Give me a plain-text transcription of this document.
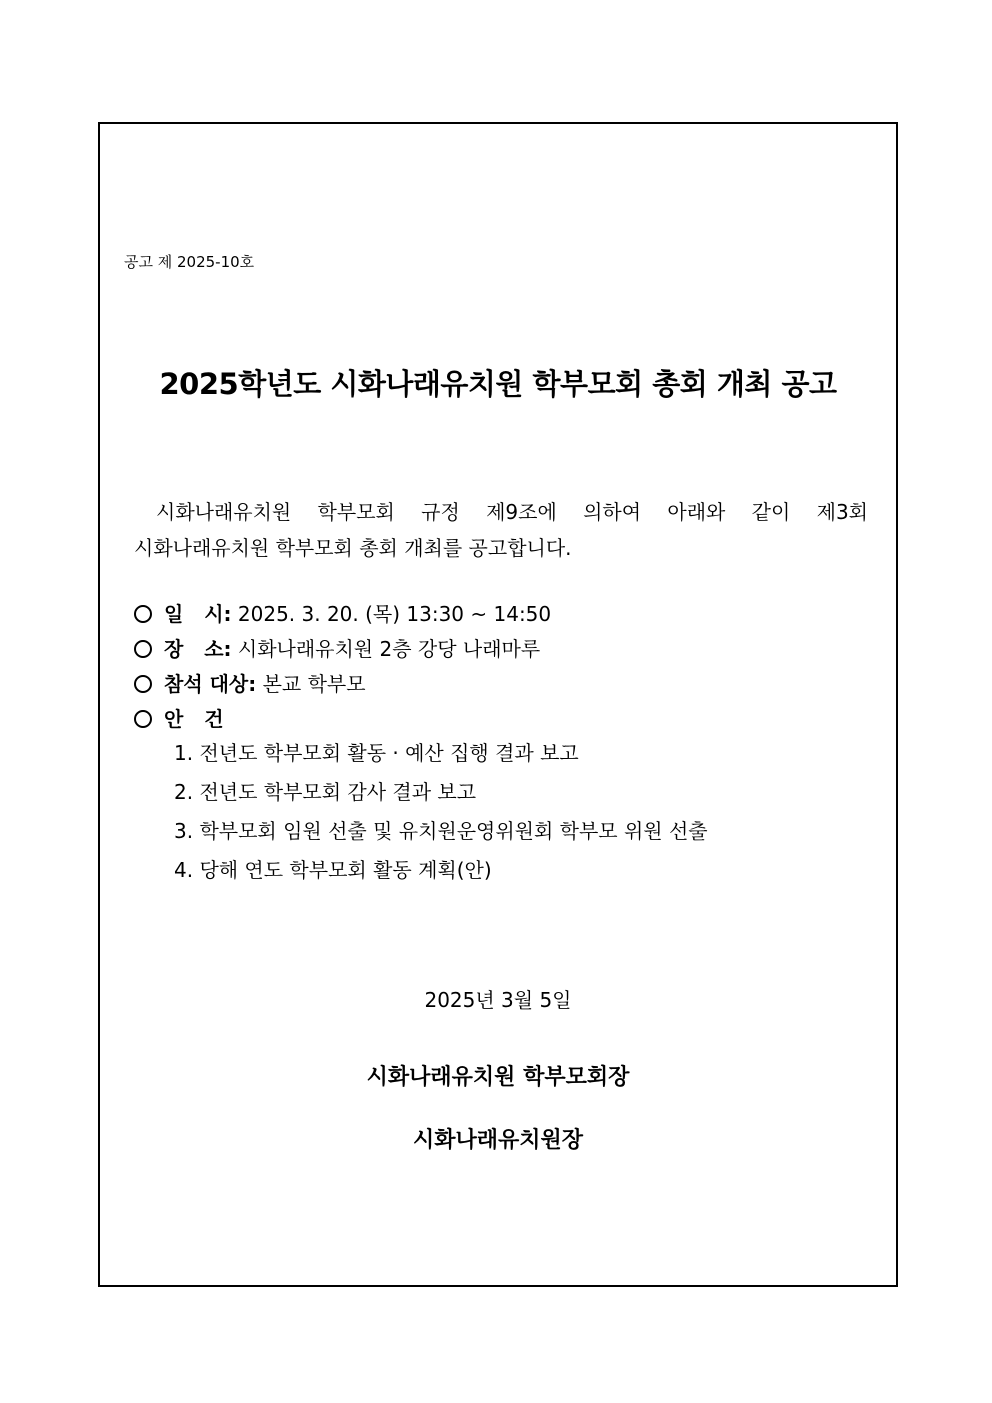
공고 제 2025-10호
2025학년도 시화나래유치원 학부모회 총회 개최 공고
시화나래유치원 학부모회 규정 제9조에 의하여 아래와 같이 제3회
시화나래유치원 학부모회 총회 개최를 공고합니다.
일   시: 2025. 3. 20. (목) 13:30 ~ 14:50
장   소: 시화나래유치원 2층 강당 나래마루
참석 대상: 본교 학부모
안   건
1. 전년도 학부모회 활동 · 예산 집행 결과 보고
2. 전년도 학부모회 감사 결과 보고
3. 학부모회 임원 선출 및 유치원운영위원회 학부모 위원 선출
4. 당해 연도 학부모회 활동 계획(안)
2025년 3월 5일
시화나래유치원 학부모회장
시화나래유치원장
